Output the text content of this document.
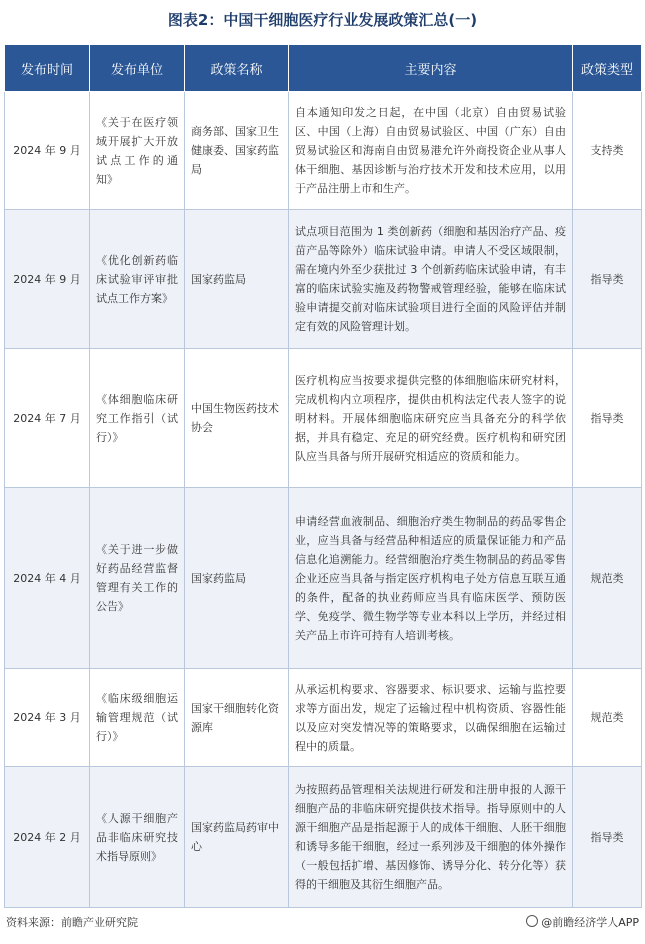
图表2：中国干细胞医疗行业发展政策汇总(一)
发布时间	发布单位	政策名称	主要内容	政策类型
2024 年 9 月	《关于在医疗领域开展扩大开放试点工作的通知》	商务部、国家卫生健康委、国家药监局	自本通知印发之日起，在中国（北京）自由贸易试验区、中国（上海）自由贸易试验区、中国（广东）自由贸易试验区和海南自由贸易港允许外商投资企业从事人体干细胞、基因诊断与治疗技术开发和技术应用，以用于产品注册上市和生产。	支持类
2024 年 9 月	《优化创新药临床试验审评审批试点工作方案》	国家药监局	试点项目范围为 1 类创新药（细胞和基因治疗产品、疫苗产品等除外）临床试验申请。申请人不受区域限制，需在境内外至少获批过 3 个创新药临床试验申请，有丰富的临床试验实施及药物警戒管理经验，能够在临床试验申请提交前对临床试验项目进行全面的风险评估并制定有效的风险管理计划。	指导类
2024 年 7 月	《体细胞临床研究工作指引（试行）》	中国生物医药技术协会	医疗机构应当按要求提供完整的体细胞临床研究材料，完成机构内立项程序，提供由机构法定代表人签字的说明材料。开展体细胞临床研究应当具备充分的科学依据，并具有稳定、充足的研究经费。医疗机构和研究团队应当具备与所开展研究相适应的资质和能力。	指导类
2024 年 4 月	《关于进一步做好药品经营监督管理有关工作的公告》	国家药监局	申请经营血液制品、细胞治疗类生物制品的药品零售企业，应当具备与经营品种相适应的质量保证能力和产品信息化追溯能力。经营细胞治疗类生物制品的药品零售企业还应当具备与指定医疗机构电子处方信息互联互通的条件，配备的执业药师应当具有临床医学、预防医学、免疫学、微生物学等专业本科以上学历，并经过相关产品上市许可持有人培训考核。	规范类
2024 年 3 月	《临床级细胞运输管理规范（试行）》	国家干细胞转化资源库	从承运机构要求、容器要求、标识要求、运输与监控要求等方面出发，规定了运输过程中机构资质、容器性能以及应对突发情况等的策略要求，以确保细胞在运输过程中的质量。	规范类
2024 年 2 月	《人源干细胞产品非临床研究技术指导原则》	国家药监局药审中心	为按照药品管理相关法规进行研发和注册申报的人源干细胞产品的非临床研究提供技术指导。指导原则中的人源干细胞产品是指起源于人的成体干细胞、人胚干细胞和诱导多能干细胞，经过一系列涉及干细胞的体外操作（一般包括扩增、基因修饰、诱导分化、转分化等）获得的干细胞及其衍生细胞产品。	指导类
资料来源：前瞻产业研究院	@前瞻经济学人APP
